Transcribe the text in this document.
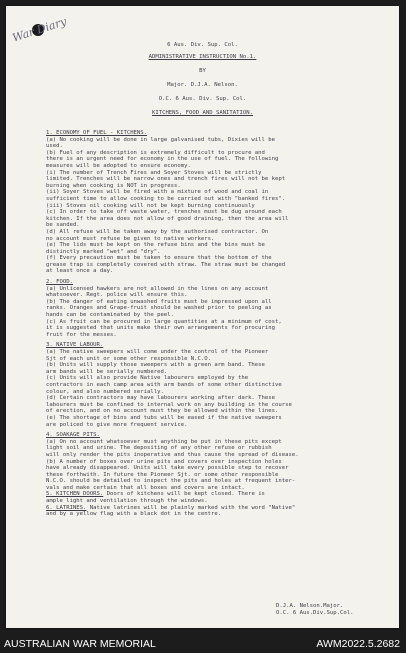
War Diary
6 Aus. Div. Sup. Col.
ADMINISTRATIVE INSTRUCTION No.1.
BY
Major. D.J.A. Nelson.
O.C. 6 Aus. Div. Sup. Col.
KITCHENS, FOOD AND SANITATION.
1. ECONOMY OF FUEL - KITCHENS.
(a) No cooking will be done in large galvanised tubs, Dixies will be
used.
(b) Fuel of any description is extremely difficult to procure and
there is an urgent need for economy in the use of fuel. The following
measures will be adopted to ensure economy.
(i) The number of Trench Fires and Soyer Stoves will be strictly
limited. Trenches will be narrow ones and trench fires will not be kept
burning when cooking is NOT in progress.
(ii) Soyer Stoves will be fired with a mixture of wood and coal in
sufficient time to allow cooking to be carried out with "banked fires".
(iii) Stoves oil cooking will not be kept burning continuously
(c) In order to take off waste water, trenches must be dug around each
kitchen. If the area does not allow of good draining, then the area will
be sanded.
(d) All refuse will be taken away by the authorised contractor. On
no account must refuse be given to native workers.
(e) The lids must be kept on the refuse bins and the bins must be
distinctly marked "wet" and "dry".
(f) Every precaution must be taken to ensure that the bottom of the
grease trap is completely covered with straw. The straw must be changed
at least once a day.
2. FOOD.
(a) Unlicensed hawkers are not allowed in the lines on any account
whatsoever. Regt. police will ensure this.
(b) The danger of eating unwashed fruits must be impressed upon all
ranks. Oranges and Grape-fruit should be washed prior to peeling as
hands can be contaminated by the peel.
(c) As fruit can be procured in large quantities at a minimum of cost,
it is suggested that units make their own arrangements for procuring
fruit for the messes.
3. NATIVE LABOUR.
(a) The native sweepers will come under the control of the Pioneer
Sjt of each unit or some other responsible N.C.O.
(b) Units will supply those sweepers with a green arm band. These
arm bands will be serially numbered.
(c) Units will also provide Native labourers employed by the
contractors in each camp area with arm bands of some other distinctive
colour, and also numbered serially.
(d) Certain contractors may have labourers working after dark. These
labourers must be confined to internal work on any building in the course
of erection, and on no account must they be allowed within the lines.
(e) The shortage of bins and tubs will be eased if the native sweepers
are policed to give more frequent service.
4. SOAKAGE PITS.
(a) On no account whatsoever must anything be put in these pits except
light soil and urine. The depositing of any other refuse or rubbish
will only render the pits inoperative and thus cause the spread of disease.
(b) A number of boxes over urine pits and covers over inspection holes
have already disappeared. Units will take every possible step to recover
these forthwith. In future the Pioneer Sjt. or some other responsible
N.C.O. should be detailed to inspect the pits and holes at frequent inter-
vals and make certain that all boxes and covers are intact.
5. KITCHEN DOORS. Doors of kitchens will be kept closed. There is
ample light and ventilation through the windows.
6. LATRINES. Native latrines will be plainly marked with the word "Native"
and by a yellow flag with a black dot in the centre.
D.J.A. Nelson.Major.
O.C. 6 Aus.Div.Sup.Col.
AUSTRALIAN WAR MEMORIAL	AWM2022.5.2682
